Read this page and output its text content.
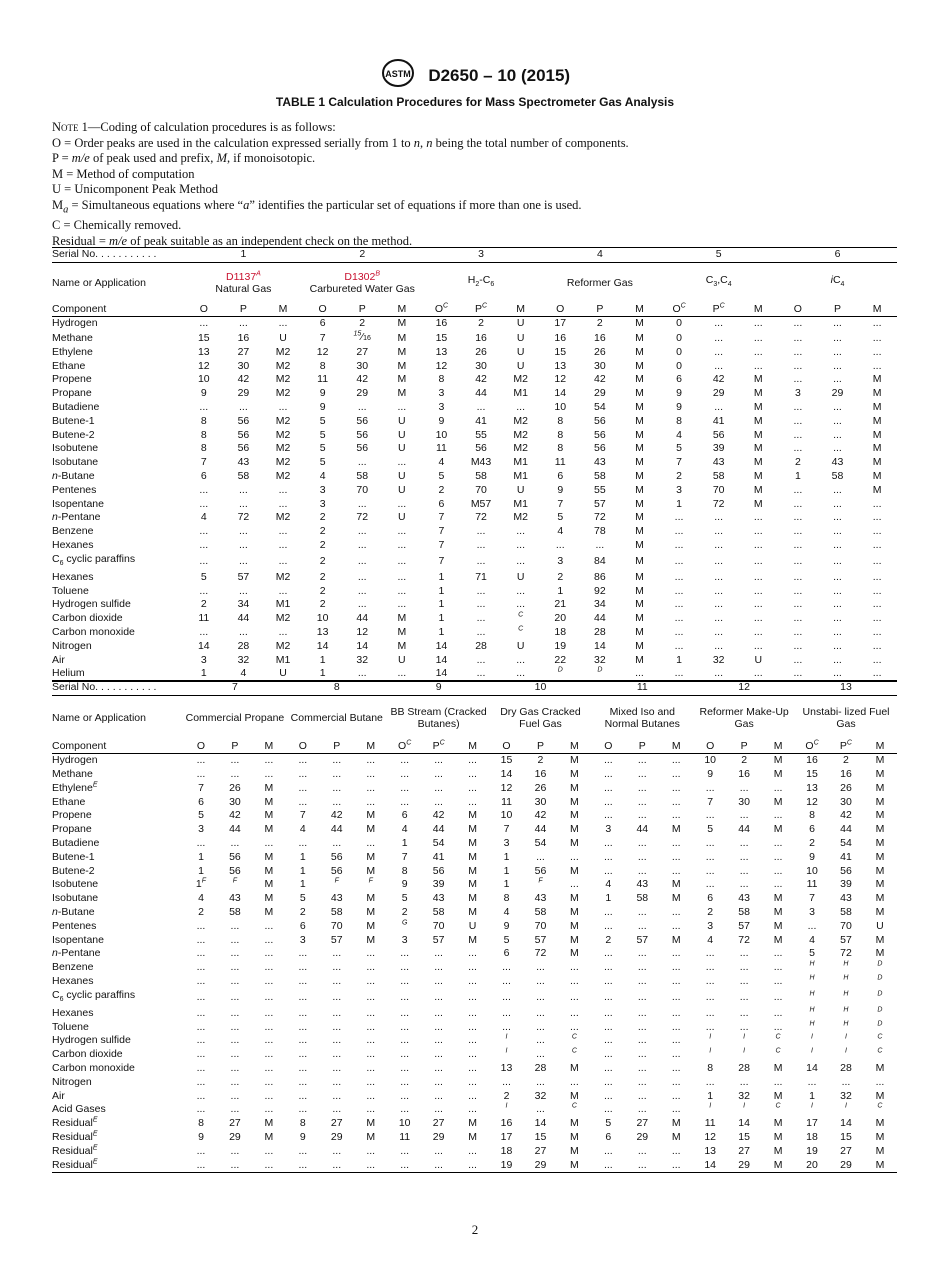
ASTM D2650 – 10 (2015)
TABLE 1 Calculation Procedures for Mass Spectrometer Gas Analysis
Note 1—Coding of calculation procedures is as follows:
O = Order peaks are used in the calculation expressed serially from 1 to n, n being the total number of components.
P = m/e of peak used and prefix, M, if monoisotopic.
M = Method of computation
U = Unicomponent Peak Method
$M_a$ = Simultaneous equations where “a” identifies the particular set of equations if more than one is used.
C = Chemically removed.
Residual = m/e of peak suitable as an independent check on the method.
Serial No. . . . . . . . . . .	1			2			3			4			5			6		
Name or Application	$D1137^A$
Natural Gas			$D1302^B$
Carbureted Water Gas			$H_2-C_6$			Reformer Gas			$C_3,C_4$			$iC_4$
Component	O	P	M	O	P	M	$O^C$	$P^C$	M	O	P	M	$O^C$	$P^C$	M	O	P	M
Hydrogen	...	...	...	6	2	M	16	2	U	17	2	M	0	...	...	...	...	...
Methane	15	16	U	7	$^{15}$⁄16	M	15	16	U	16	16	M	0	...	...	...	...	...
Ethylene	13	27	M2	12	27	M	13	26	U	15	26	M	0	...	...	...	...	...
Ethane	12	30	M2	8	30	M	12	30	U	13	30	M	0	...	...	...	...	...
Propene	10	42	M2	11	42	M	8	42	M2	12	42	M	6	42	M	...	...	M
Propane	9	29	M2	9	29	M	3	44	M1	14	29	M	9	29	M	3	29	M
Butadiene	...	...	...	9	...	...	3	...	...	10	54	M	9	...	M	...	...	M
Butene-1	8	56	M2	5	56	U	9	41	M2	8	56	M	8	41	M	...	...	M
Butene-2	8	56	M2	5	56	U	10	55	M2	8	56	M	4	56	M	...	...	M
Isobutene	8	56	M2	5	56	U	11	56	M2	8	56	M	5	39	M	...	...	M
Isobutane	7	43	M2	5	...	...	4	M43	M1	11	43	M	7	43	M	2	43	M
n-Butane	6	58	M2	4	58	U	5	58	M1	6	58	M	2	58	M	1	58	M
Pentenes	...	...	...	3	70	U	2	70	U	9	55	M	3	70	M	...	...	M
Isopentane	...	...	...	3	...	...	6	M57	M1	7	57	M	1	72	M	...	...	...
n-Pentane	4	72	M2	2	72	U	7	72	M2	5	72	M	...	...	...	...	...	...
Benzene	...	...	...	2	...	...	7	...	...	4	78	M	...	...	...	...	...	...
Hexanes	...	...	...	2	...	...	7	...	...	...	...	M	...	...	...	...	...	...
$C_6$ cyclic paraffins	...	...	...	2	...	...	7	...	...	3	84	M	...	...	...	...	...	...
Hexanes	5	57	M2	2	...	...	1	71	U	2	86	M	...	...	...	...	...	...
Toluene	...	...	...	2	...	...	1	...	...	1	92	M	...	...	...	...	...	...
Hydrogen sulfide	2	34	M1	2	...	...	1	...	...	21	34	M	...	...	...	...	...	...
Carbon dioxide	11	44	M2	10	44	M	1	...	$^C$	20	44	M	...	...	...	...	...	...
Carbon monoxide	...	...	...	13	12	M	1	...	$^C$	18	28	M	...	...	...	...	...	...
Nitrogen	14	28	M2	14	14	M	14	28	U	19	14	M	...	...	...	...	...	...
Air	3	32	M1	1	32	U	14	...	...	22	32	M	1	32	U	...	...	...
Helium	1	4	U	1	...	...	14	...	...	$^D$	$^D$	...	...	...	...	...	...	...
Serial No. . . . . . . . . . .	7			8			9			10			11			12			13		
Name or Application	Commercial Propane			Commercial Butane			BB Stream (Cracked Butanes)			Dry Gas Cracked Fuel Gas			Mixed Iso and Normal Butanes			Reformer Make-Up Gas			Unstabi- lized Fuel Gas		
Component	O	P	M	O	P	M	$O^C$	$P^C$	M	O	P	M	O	P	M	O	P	M	$O^C$	$P^C$	M
Hydrogen	...	...	...	...	...	...	...	...	...	15	2	M	...	...	...	10	2	M	16	2	M
Methane	...	...	...	...	...	...	...	...	...	14	16	M	...	...	...	9	16	M	15	16	M
Ethylene$^E$	7	26	M	...	...	...	...	...	...	12	26	M	...	...	...	...	...	...	13	26	M
Ethane	6	30	M	...	...	...	...	...	...	11	30	M	...	...	...	7	30	M	12	30	M
Propene	5	42	M	7	42	M	6	42	M	10	42	M	...	...	...	...	...	...	8	42	M
Propane	3	44	M	4	44	M	4	44	M	7	44	M	3	44	M	5	44	M	6	44	M
Butadiene	...	...	...	...	...	...	1	54	M	3	54	M	...	...	...	...	...	...	2	54	M
Butene-1	1	56	M	1	56	M	7	41	M	1	...	...	...	...	...	...	...	...	9	41	M
Butene-2	1	56	M	1	56	M	8	56	M	1	56	M	...	...	...	...	...	...	10	56	M
Isobutene	$1^F$	$^F$	M	1	$^F$	$^F$	9	39	M	1	$^F$	...	4	43	M	...	...	...	11	39	M
Isobutane	4	43	M	5	43	M	5	43	M	8	43	M	1	58	M	6	43	M	7	43	M
n-Butane	2	58	M	2	58	M	2	58	M	4	58	M	...	...	...	2	58	M	3	58	M
Pentenes	...	...	...	6	70	M	$^G$	70	U	9	70	M	...	...	...	3	57	M	...	70	U
Isopentane	...	...	...	3	57	M	3	57	M	5	57	M	2	57	M	4	72	M	4	57	M
n-Pentane	...	...	...	...	...	...	...	...	...	6	72	M	...	...	...	...	...	...	5	72	M
Benzene	...	...	...	...	...	...	...	...	...	...	...	...	...	...	...	...	...	...	$^H$	$^H$	$^D$
Hexanes	...	...	...	...	...	...	...	...	...	...	...	...	...	...	...	...	...	...	$^H$	$^H$	$^D$
$C_6$ cyclic paraffins	...	...	...	...	...	...	...	...	...	...	...	...	...	...	...	...	...	...	$^H$	$^H$	$^D$
Hexanes	...	...	...	...	...	...	...	...	...	...	...	...	...	...	...	...	...	...	$^H$	$^H$	$^D$
Toluene	...	...	...	...	...	...	...	...	...	...	...	...	...	...	...	...	...	...	$^H$	$^H$	$^D$
Hydrogen sulfide	...	...	...	...	...	...	...	...	...	$^I$	...	$^C$	...	...	...	$^I$	$^I$	$^C$	$^I$	$^I$	$^C$
Carbon dioxide	...	...	...	...	...	...	...	...	...	$^I$	...	$^C$	...	...	...	$^I$	$^I$	$^C$	$^I$	$^I$	$^C$
Carbon monoxide	...	...	...	...	...	...	...	...	...	13	28	M	...	...	...	8	28	M	14	28	M
Nitrogen	...	...	...	...	...	...	...	...	...	...	...	...	...	...	...	...	...	...	...	...	...
Air	...	...	...	...	...	...	...	...	...	2	32	M	...	...	...	1	32	M	1	32	M
Acid Gases	...	...	...	...	...	...	...	...	...	$^I$	...	$^C$	...	...	...	$^I$	$^I$	$^C$	$^I$	$^I$	$^C$
Residual$^E$	8	27	M	8	27	M	10	27	M	16	14	M	5	27	M	11	14	M	17	14	M
Residual$^E$	9	29	M	9	29	M	11	29	M	17	15	M	6	29	M	12	15	M	18	15	M
Residual$^E$	...	...	...	...	...	...	...	...	...	18	27	M	...	...	...	13	27	M	19	27	M
Residual$^E$	...	...	...	...	...	...	...	...	...	19	29	M	...	...	...	14	29	M	20	29	M
2
